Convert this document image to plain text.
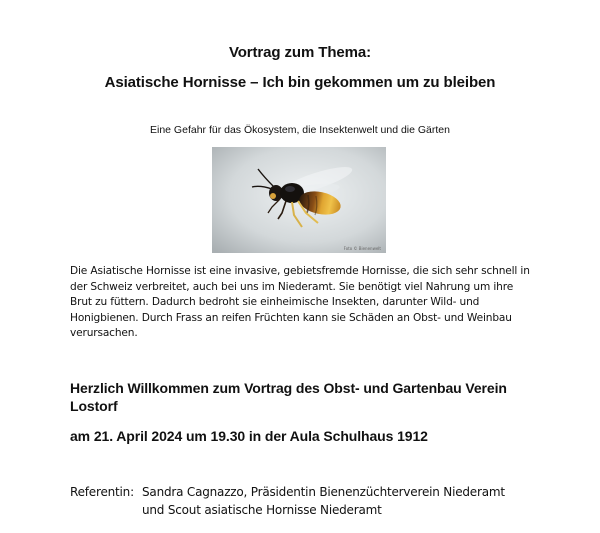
Vortrag zum Thema:
Asiatische Hornisse – Ich bin gekommen um zu bleiben
Eine Gefahr für das Ökosystem, die Insektenwelt und die Gärten
Foto © Bienenwelt
Die Asiatische Hornisse ist eine invasive, gebietsfremde Hornisse, die sich sehr schnell in der Schweiz verbreitet, auch bei uns im Niederamt. Sie benötigt viel Nahrung um ihre Brut zu füttern. Dadurch bedroht sie einheimische Insekten, darunter Wild- und Honigbienen. Durch Frass an reifen Früchten kann sie Schäden an Obst- und Weinbau verursachen.
Herzlich Willkommen zum Vortrag des Obst- und Gartenbau Verein Lostorf
am 21. April 2024 um 19.30 in der Aula Schulhaus 1912
Referentin: Sandra Cagnazzo, Präsidentin Bienenzüchterverein Niederamt
und Scout asiatische Hornisse Niederamt
